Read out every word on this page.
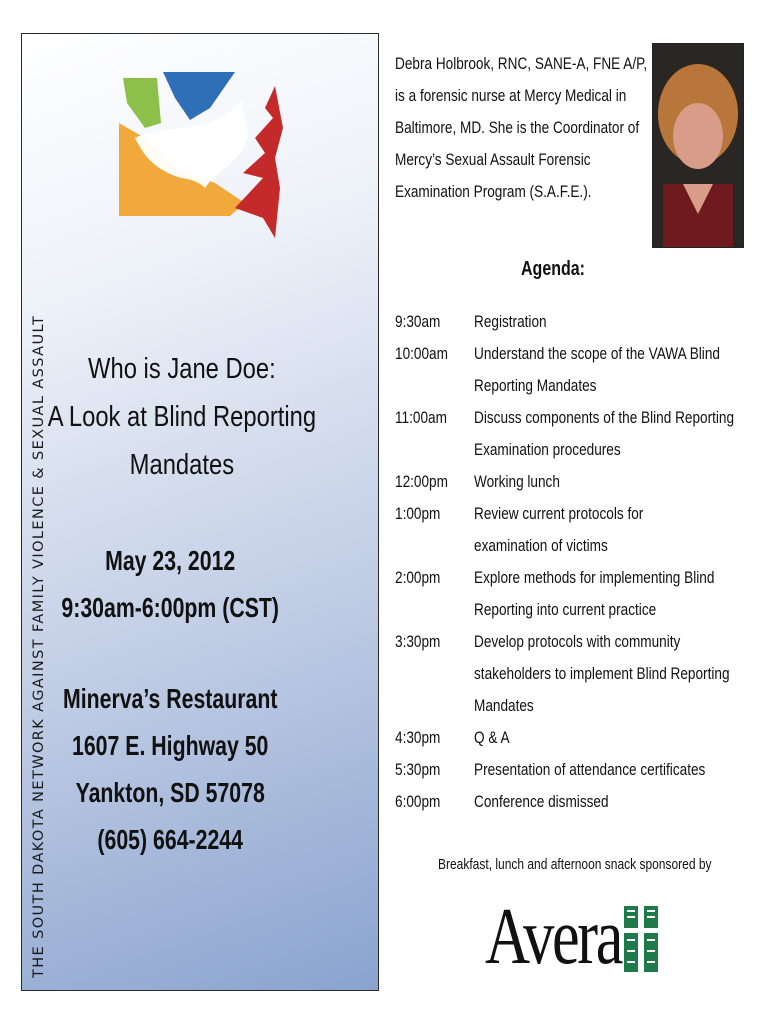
THE SOUTH DAKOTA NETWORK AGAINST FAMILY VIOLENCE & SEXUAL ASSAULT	Who is Jane Doe:
A Look at Blind Reporting
Mandates
May 23, 2012
9:30am-6:00pm (CST)
Minerva’s Restaurant
1607 E. Highway 50
Yankton, SD 57078
(605) 664-2244
Debra Holbrook, RNC, SANE-A, FNE A/P,
is a forensic nurse at Mercy Medical in
Baltimore, MD. She is the Coordinator of
Mercy’s Sexual Assault Forensic
Examination Program (S.A.F.E.).
Agenda:
9:30am Registration
10:00am Understand the scope of the VAWA Blind
Reporting Mandates
11:00am Discuss components of the Blind Reporting
Examination procedures
12:00pm Working lunch
1:00pm Review current protocols for
examination of victims
2:00pm Explore methods for implementing Blind
Reporting into current practice
3:30pm Develop protocols with community
stakeholders to implement Blind Reporting
Mandates
4:30pm Q & A
5:30pm Presentation of attendance certificates
6:00pm Conference dismissed
Breakfast, lunch and afternoon snack sponsored by
Avera
